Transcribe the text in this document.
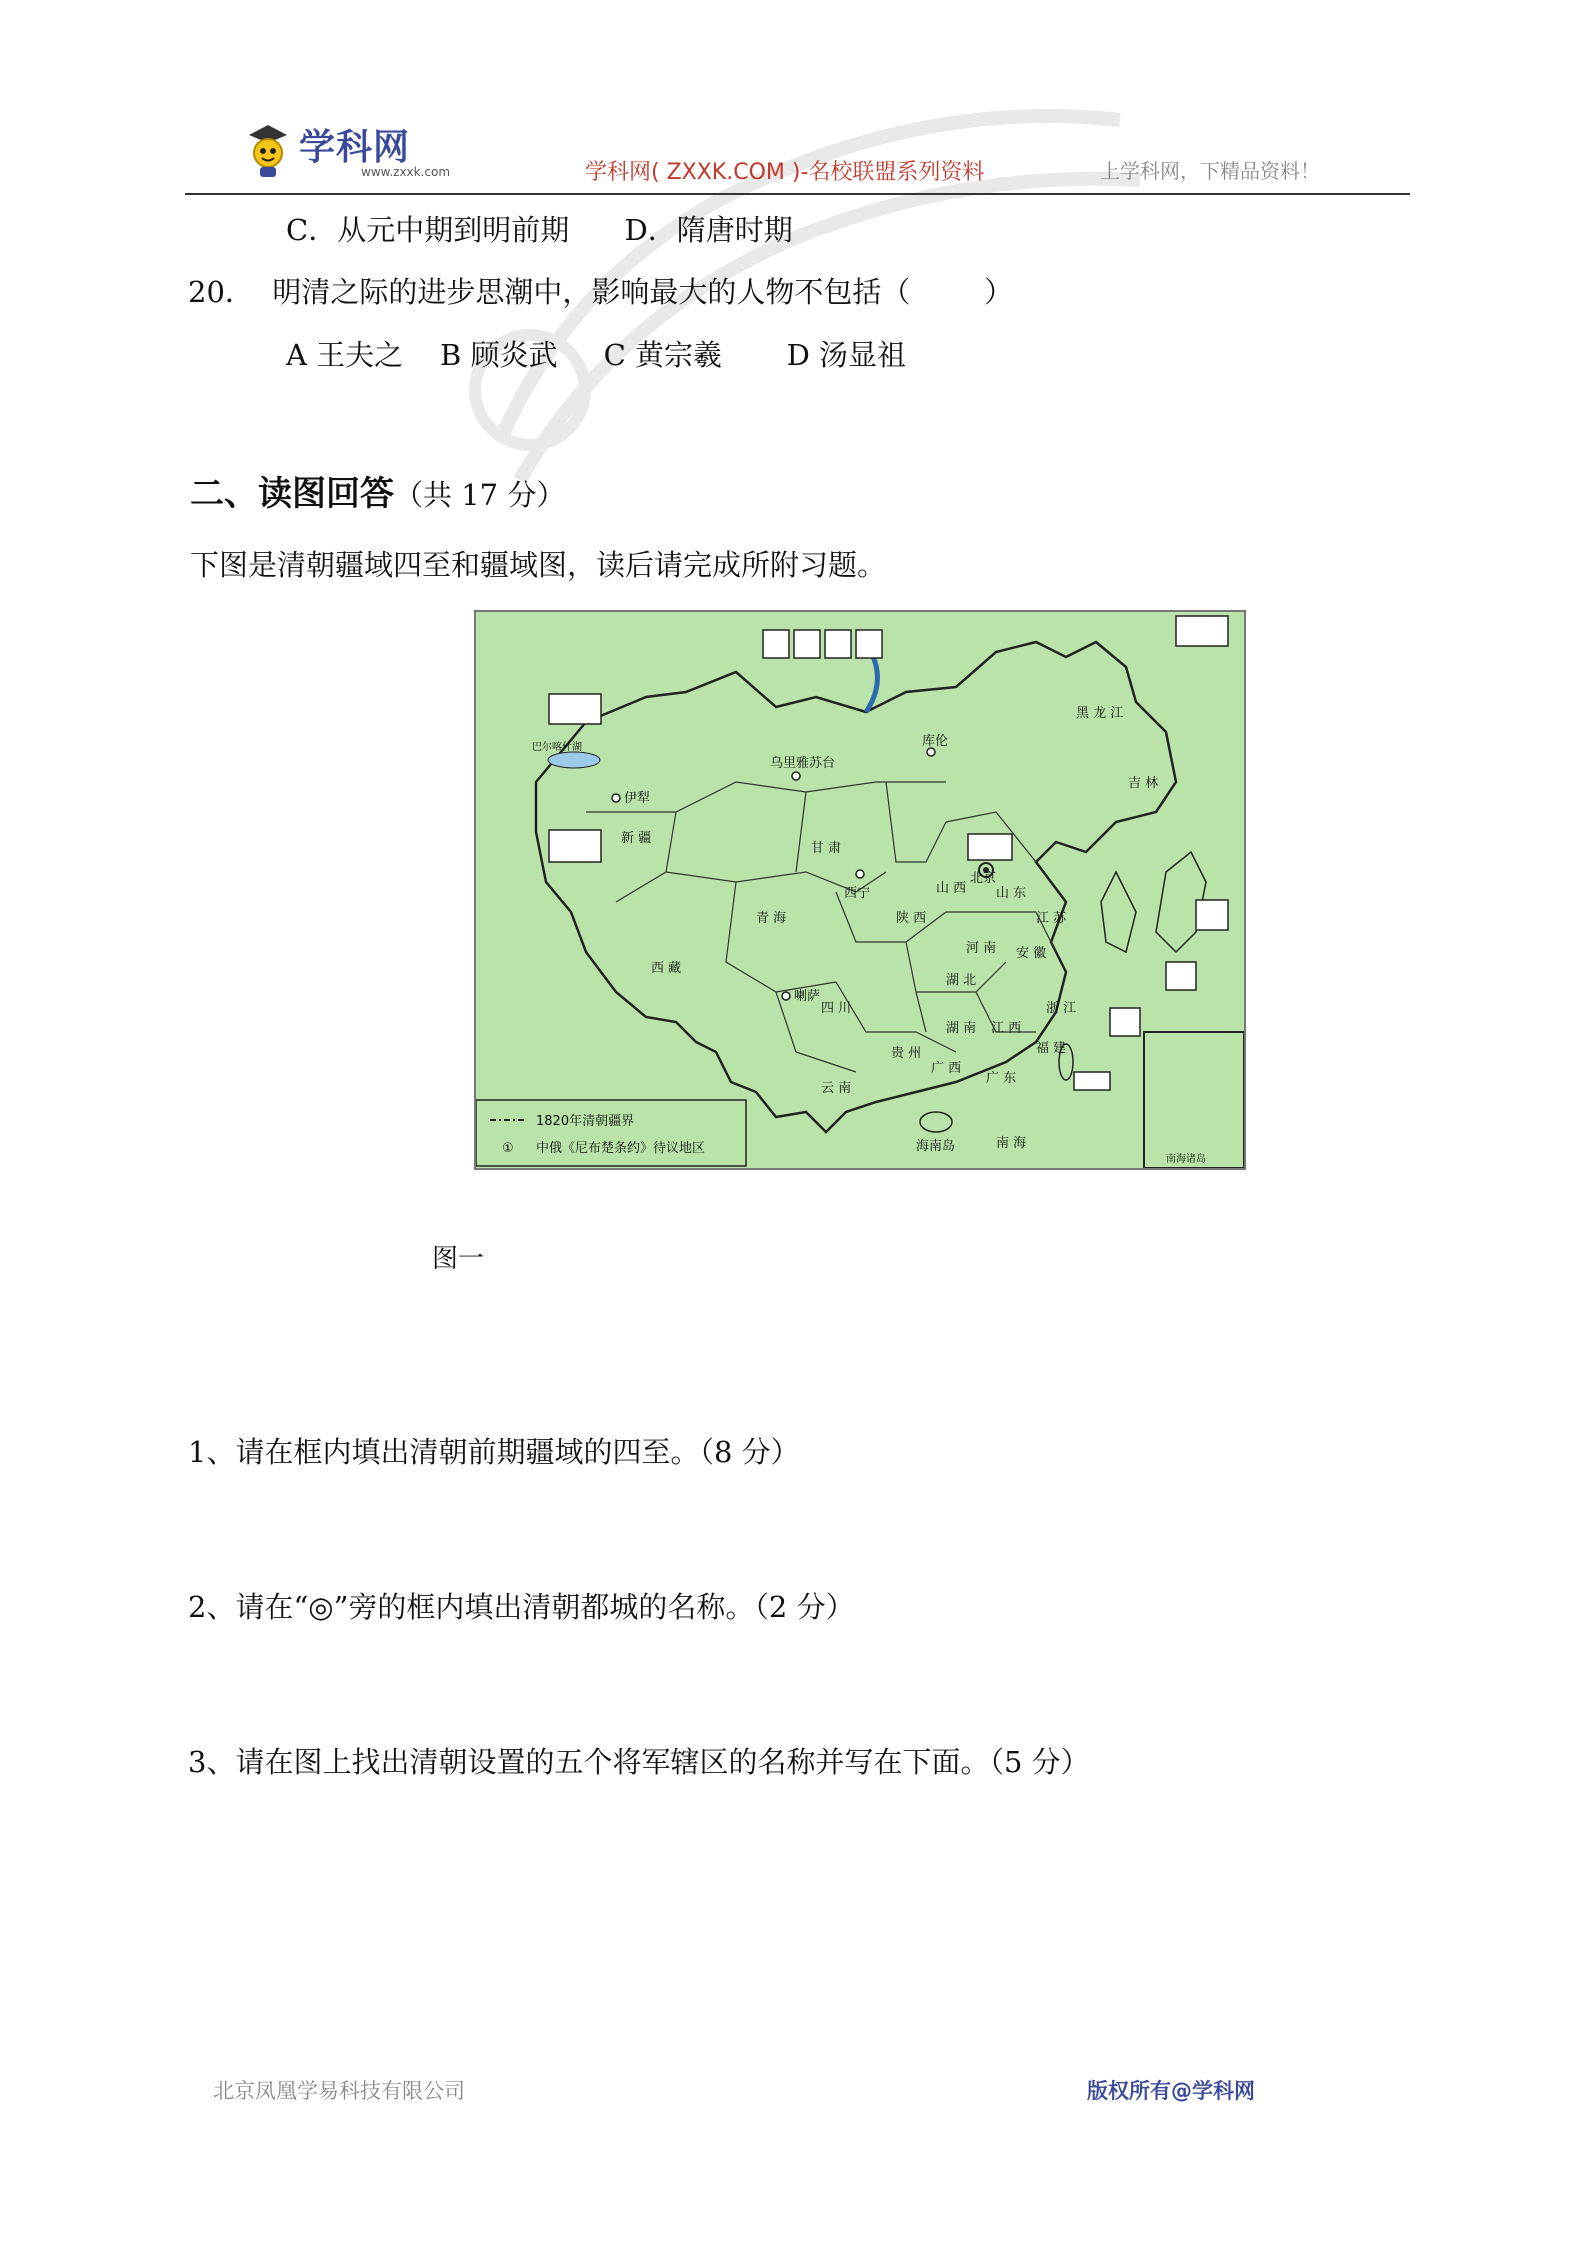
学科网
www.zxxk.com	学科网( ZXXK.COM )-名校联盟系列资料	上学科网，下精品资料！
C．从元中期到明前期      D．隋唐时期
20． 明清之际的进步思潮中，影响最大的人物不包括（        ）
A 王夫之    B 顾炎武     C 黄宗羲       D 汤显祖
二、读图回答（共 17 分）
下图是清朝疆域四至和疆域图，读后请完成所附习题。
黑 龙 江
吉 林
伊犁
新 疆
乌里雅苏台
库伦
北京
甘 肃
青 海
西宁
西 藏
喇萨
四 川
山 西 山 东
河 南
陕 西
湖 北
湖 南
安 徽
江 苏
浙 江
江 西
福 建
广 东
广 西
贵 州
云 南
海南岛	南 海
巴尔喀什湖
南海诸岛
1820年清朝疆界
① 中俄《尼布楚条约》待议地区
图一
1、请在框内填出清朝前期疆域的四至。（8 分）
2、请在“◎”旁的框内填出清朝都城的名称。（2 分）
3、请在图上找出清朝设置的五个将军辖区的名称并写在下面。（5 分）
北京凤凰学易科技有限公司	版权所有@学科网
